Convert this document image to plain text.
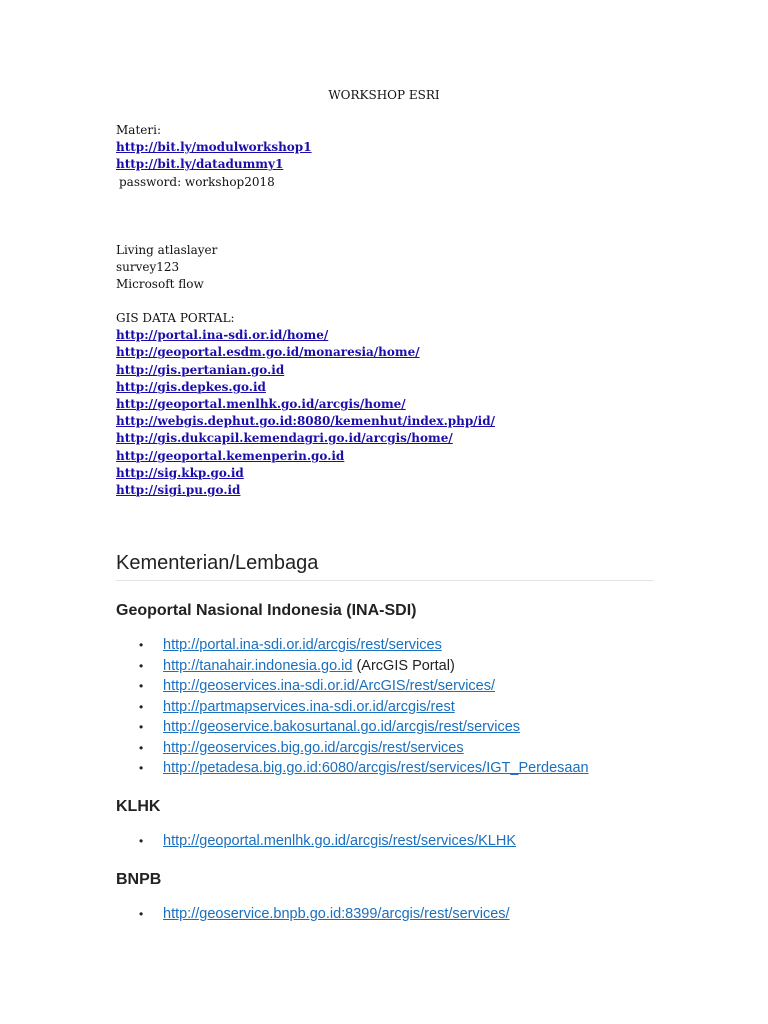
WORKSHOP ESRI
Materi:
http://bit.ly/modulworkshop1
http://bit.ly/datadummy1
password: workshop2018
Living atlaslayer
survey123
Microsoft flow
GIS DATA PORTAL:
http://portal.ina-sdi.or.id/home/
http://geoportal.esdm.go.id/monaresia/home/
http://gis.pertanian.go.id
http://gis.depkes.go.id
http://geoportal.menlhk.go.id/arcgis/home/
http://webgis.dephut.go.id:8080/kemenhut/index.php/id/
http://gis.dukcapil.kemendagri.go.id/arcgis/home/
http://geoportal.kemenperin.go.id
http://sig.kkp.go.id
http://sigi.pu.go.id
Kementerian/Lembaga
Geoportal Nasional Indonesia (INA-SDI)
• http://portal.ina-sdi.or.id/arcgis/rest/services
• http://tanahair.indonesia.go.id (ArcGIS Portal)
• http://geoservices.ina-sdi.or.id/ArcGIS/rest/services/
• http://partmapservices.ina-sdi.or.id/arcgis/rest
• http://geoservice.bakosurtanal.go.id/arcgis/rest/services
• http://geoservices.big.go.id/arcgis/rest/services
• http://petadesa.big.go.id:6080/arcgis/rest/services/IGT_Perdesaan
KLHK
• http://geoportal.menlhk.go.id/arcgis/rest/services/KLHK
BNPB
• http://geoservice.bnpb.go.id:8399/arcgis/rest/services/
